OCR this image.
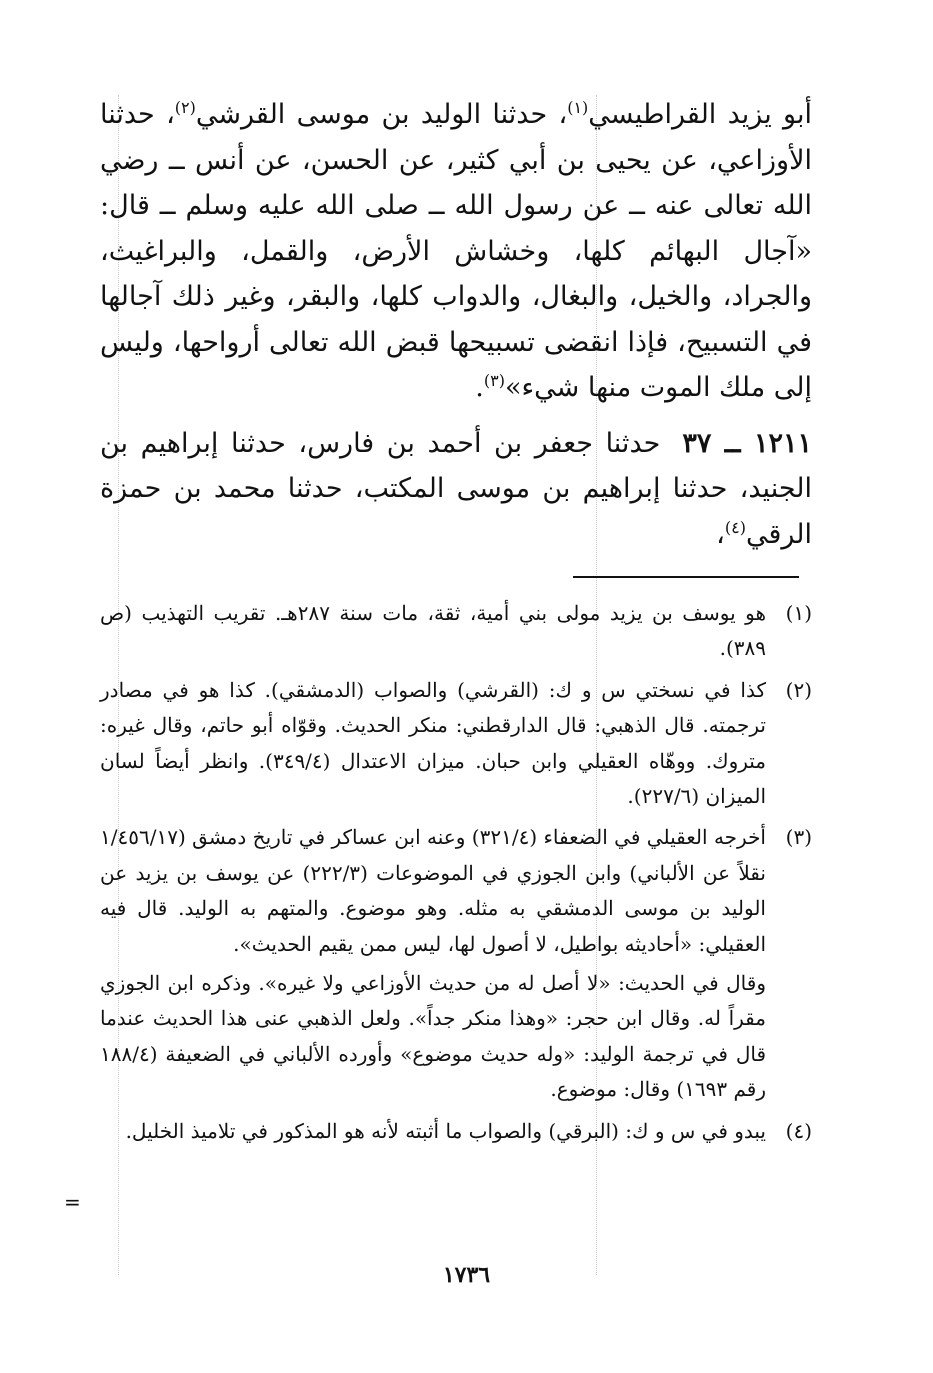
أبو يزيد القراطيسي$^{(١)}$، حدثنا الوليد بن موسى القرشي$^{(٢)}$، حدثنا الأوزاعي، عن يحيى بن أبي كثير، عن الحسن، عن أنس ــ رضي الله تعالى عنه ــ عن رسول الله ــ صلى الله عليه وسلم ــ قال: «آجال البهائم كلها، وخشاش الأرض، والقمل، والبراغيث، والجراد، والخيل، والبغال، والدواب كلها، والبقر، وغير ذلك آجالها في التسبيح، فإذا انقضى تسبيحها قبض الله تعالى أرواحها، وليس إلى ملك الموت منها شيء»$^{(٣)}$.

١٢١١ ــ ٣٧حدثنا جعفر بن أحمد بن فارس، حدثنا إبراهيم بن الجنيد، حدثنا إبراهيم بن موسى المكتب، حدثنا محمد بن حمزة الرقي$^{(٤)}$،

(١)

هو يوسف بن يزيد مولى بني أمية، ثقة، مات سنة ٢٨٧هـ. تقريب التهذيب (ص ٣٨٩).

(٢)

كذا في نسختي س و ك: (القرشي) والصواب (الدمشقي). كذا هو في مصادر ترجمته. قال الذهبي: قال الدارقطني: منكر الحديث. وقوّاه أبو حاتم، وقال غيره: متروك. ووهّاه العقيلي وابن حبان. ميزان الاعتدال (٣٤٩/٤). وانظر أيضاً لسان الميزان (٢٢٧/٦).

(٣)

أخرجه العقيلي في الضعفاء (٣٢١/٤) وعنه ابن عساكر في تاريخ دمشق (١/٤٥٦/١٧ نقلاً عن الألباني) وابن الجوزي في الموضوعات (٢٢٢/٣) عن يوسف بن يزيد عن الوليد بن موسى الدمشقي به مثله. وهو موضوع. والمتهم به الوليد. قال فيه العقيلي: «أحاديثه بواطيل، لا أصول لها، ليس ممن يقيم الحديث».

وقال في الحديث: «لا أصل له من حديث الأوزاعي ولا غيره». وذكره ابن الجوزي مقراً له. وقال ابن حجر: «وهذا منكر جداً». ولعل الذهبي عنى هذا الحديث عندما قال في ترجمة الوليد: «وله حديث موضوع» وأورده الألباني في الضعيفة (١٨٨/٤ رقم ١٦٩٣) وقال: موضوع.

(٤)

يبدو في س و ك: (البرقي) والصواب ما أثبته لأنه هو المذكور في تلاميذ الخليل.

=
١٧٣٦
